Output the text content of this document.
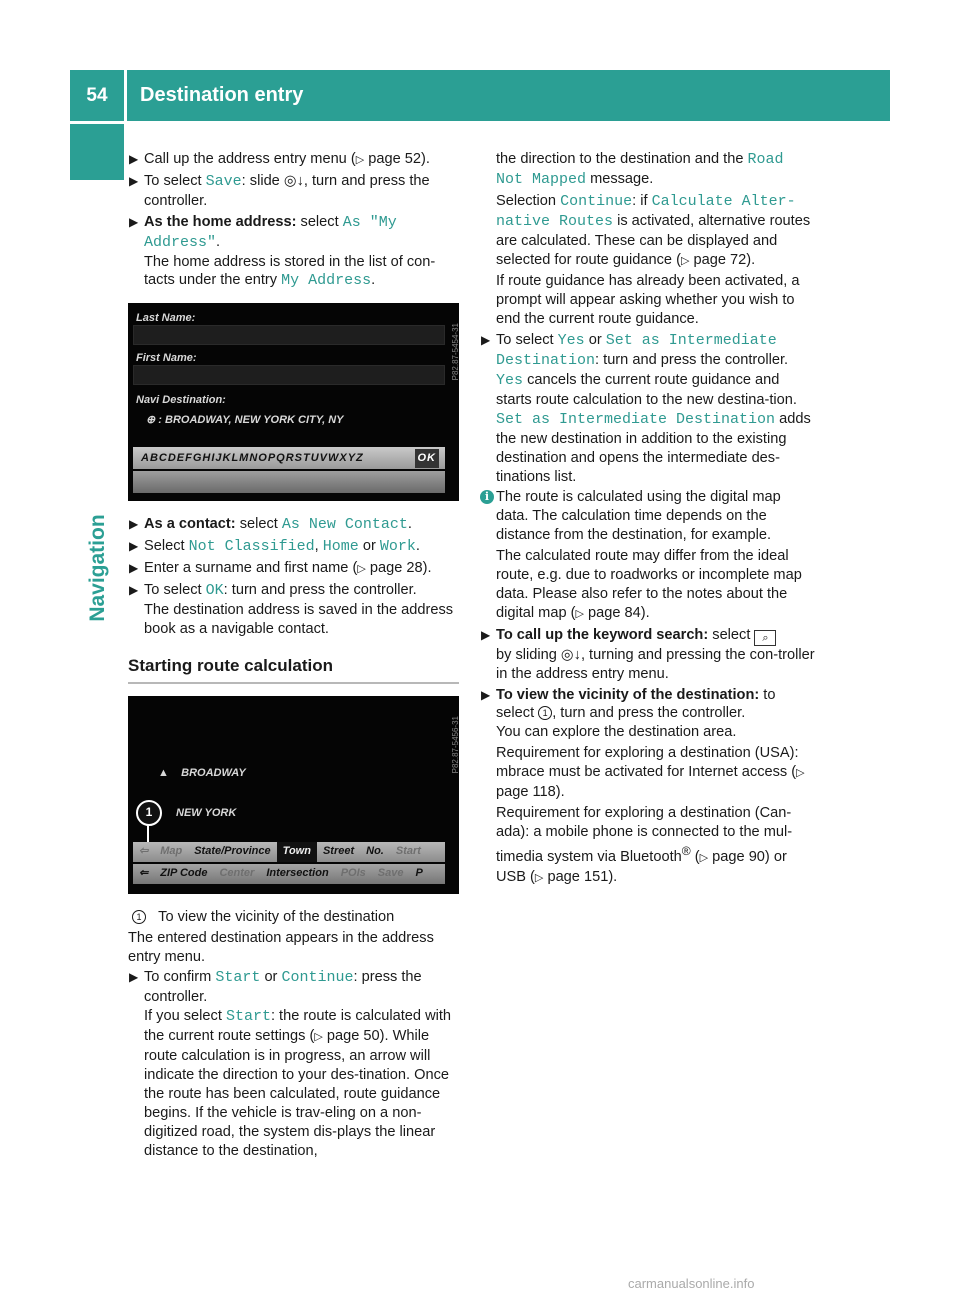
54	Destination entry
Navigation
▶ Call up the address entry menu (▷ page 52).
▶ To select Save: slide ◎↓, turn and press the controller.
▶ As the home address: select As "My Address".
The home address is stored in the list of con-tacts under the entry My Address.
Last Name:
First Name:
Navi Destination:
⊕ : BROADWAY, NEW YORK CITY, NY
ABCDEFGHIJKLMNOPQRSTUVWXYZ	OK
P82.87-5454-31
▶ As a contact: select As New Contact.
▶ Select Not Classified, Home or Work.
▶ Enter a surname and first name (▷ page 28).
▶ To select OK: turn and press the controller.
The destination address is saved in the address book as a navigable contact.
Starting route calculation
▲ BROADWAY
NEW YORK
1
⇦	Map	State/Province	Town	Street	No.	Start
⇐	ZIP Code	Center	Intersection	POIs	Save	P
P82.87-5456-31
1 To view the vicinity of the destination
The entered destination appears in the address entry menu.
▶ To confirm Start or Continue: press the controller.
If you select Start: the route is calculated with the current route settings (▷ page 50). While route calculation is in progress, an arrow will indicate the direction to your des-tination. Once the route has been calculated, route guidance begins. If the vehicle is trav-eling on a non-digitized road, the system dis-plays the linear distance to the destination,
the direction to the destination and the Road Not Mapped message.
Selection Continue: if Calculate Alter-native Routes is activated, alternative routes are calculated. These can be displayed and selected for route guidance (▷ page 72).
If route guidance has already been activated, a prompt will appear asking whether you wish to end the current route guidance.
▶ To select Yes or Set as Intermediate Destination: turn and press the controller.
Yes cancels the current route guidance and starts route calculation to the new destina-tion.
Set as Intermediate Destination adds the new destination in addition to the existing destination and opens the intermediate des-tinations list.
i The route is calculated using the digital map data. The calculation time depends on the distance from the destination, for example.
The calculated route may differ from the ideal route, e.g. due to roadworks or incomplete map data. Please also refer to the notes about the digital map (▷ page 84).
▶ To call up the keyword search: select ⌕
by sliding ◎↓, turning and pressing the con-troller in the address entry menu.
▶ To view the vicinity of the destination: to select 1 , turn and press the controller.
You can explore the destination area.
Requirement for exploring a destination (USA): mbrace must be activated for Internet access (▷ page 118).
Requirement for exploring a destination (Can-ada): a mobile phone is connected to the mul-timedia system via Bluetooth® (▷ page 90) or USB (▷ page 151).
carmanualsonline.info
